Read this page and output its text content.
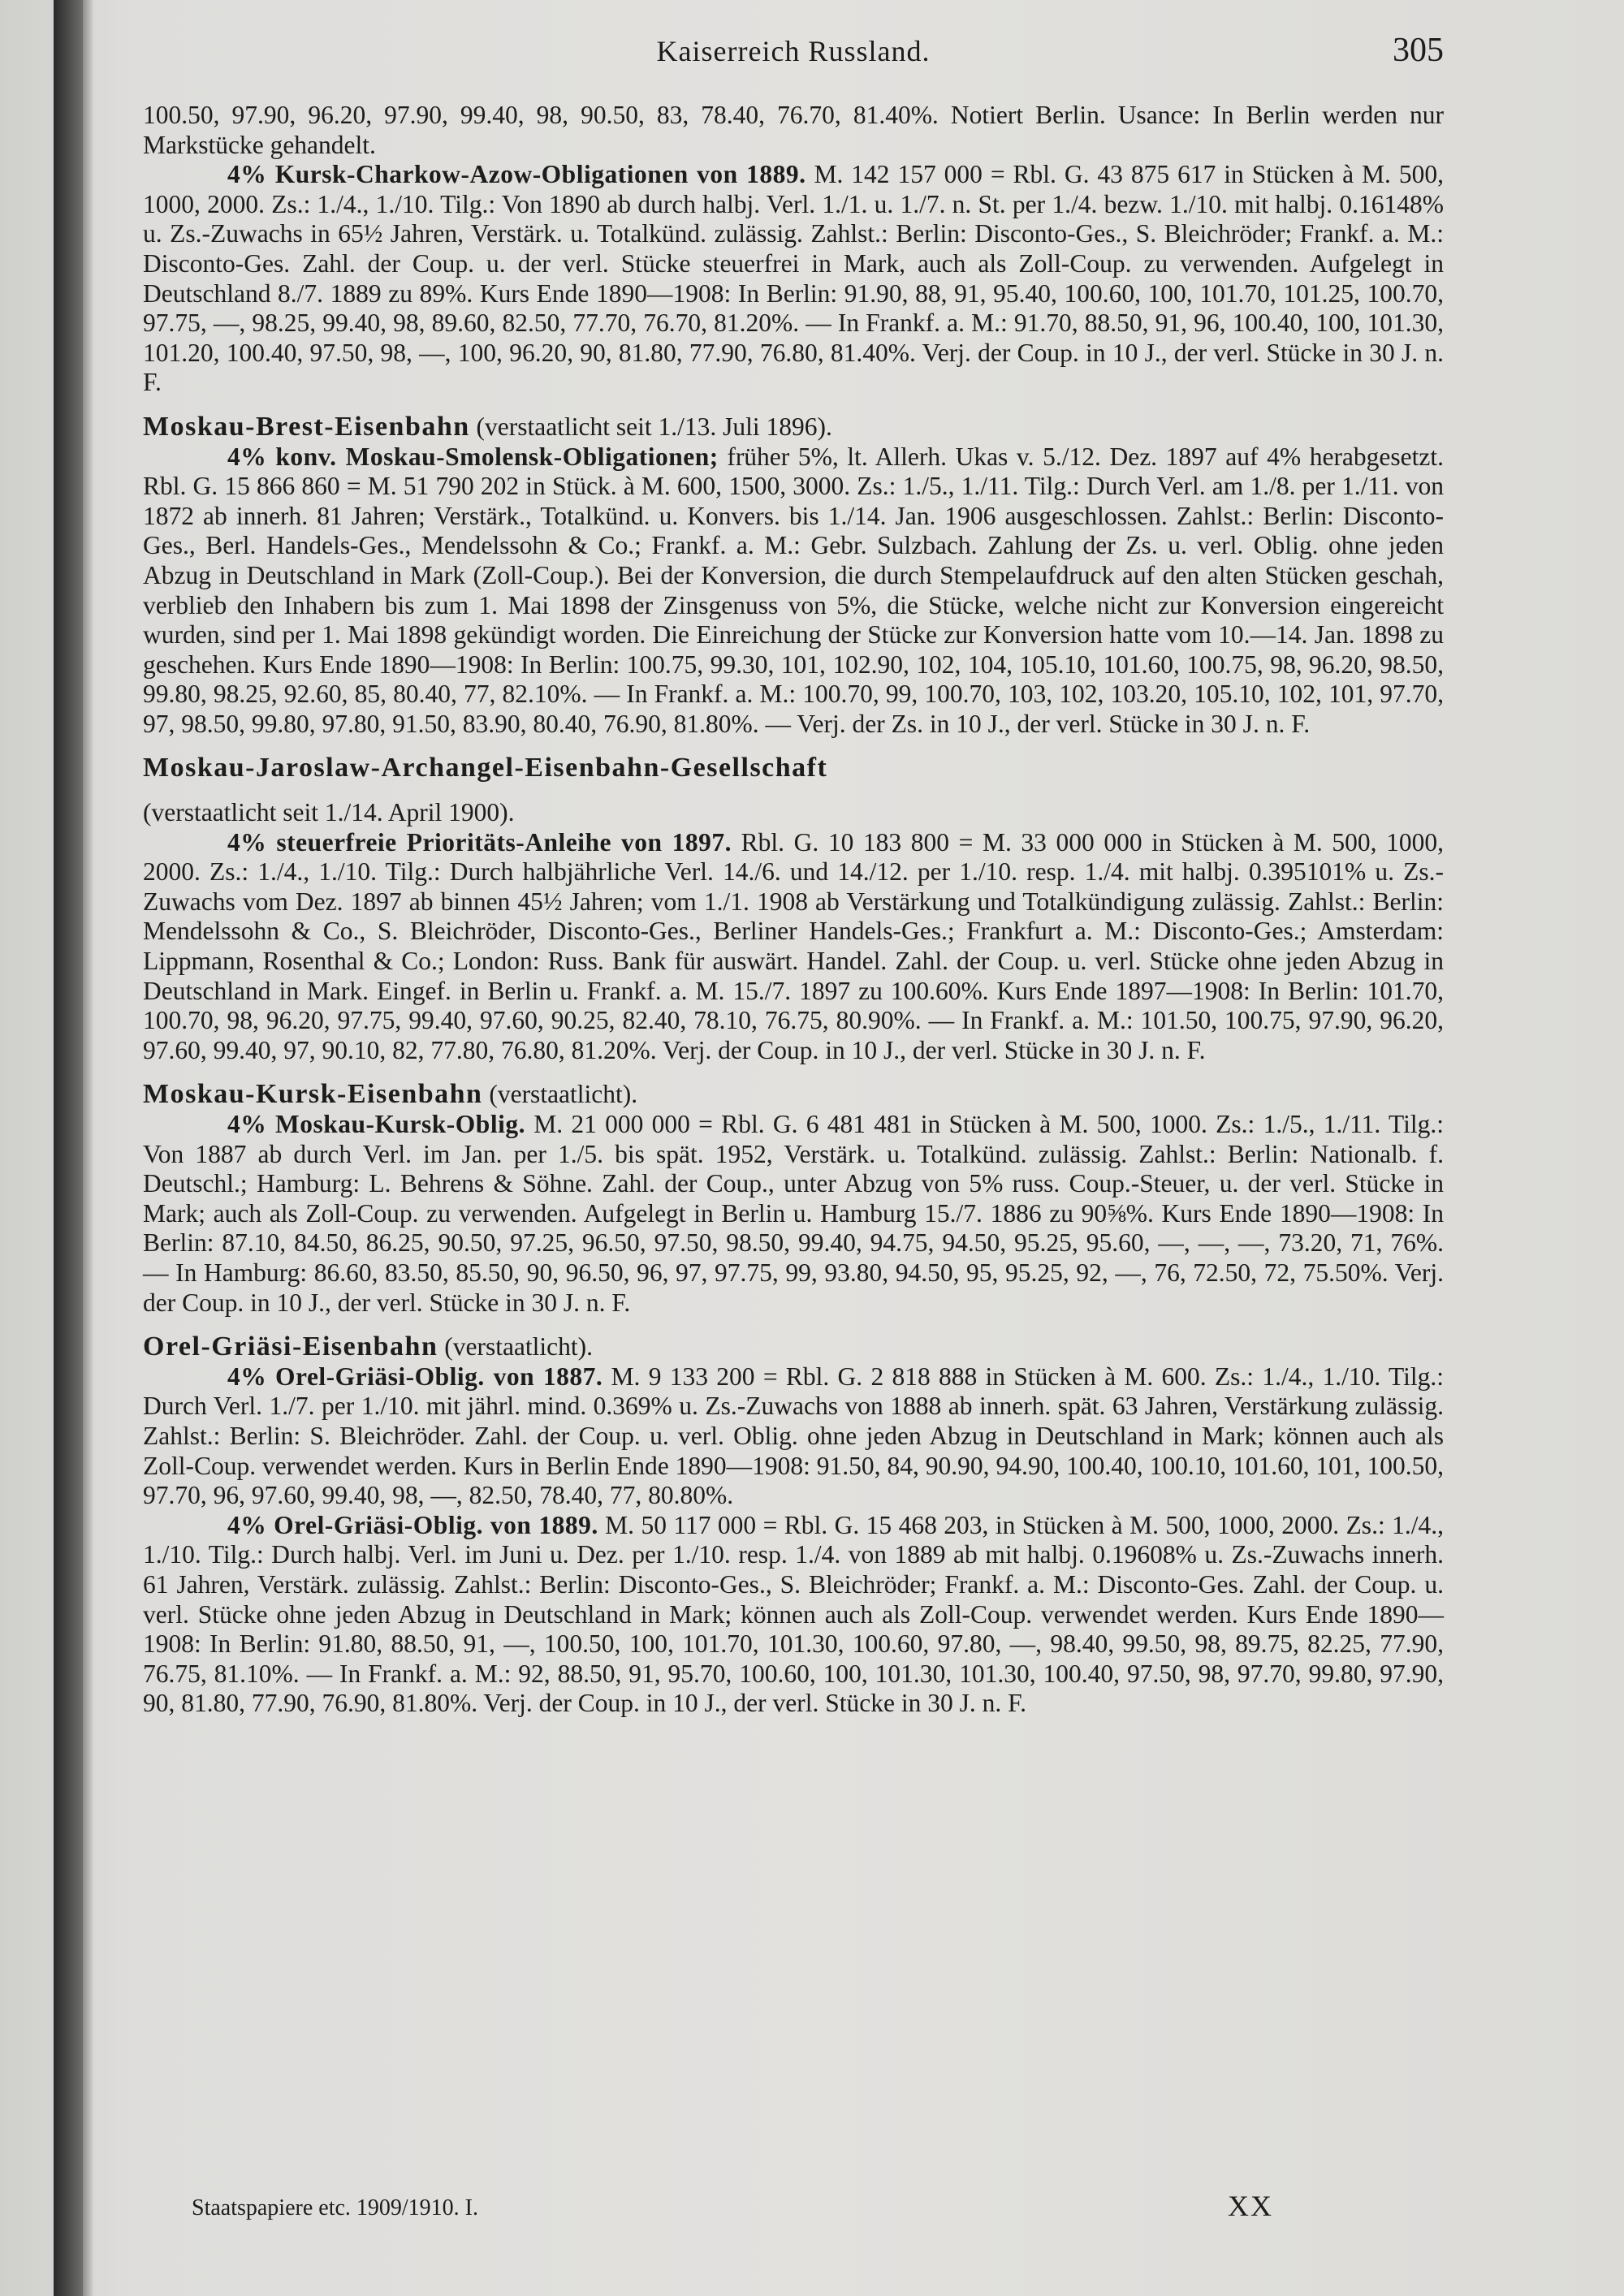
Kaiserreich Russland.	305

100.50, 97.90, 96.20, 97.90, 99.40, 98, 90.50, 83, 78.40, 76.70, 81.40%. Notiert Berlin. Usance: In Berlin werden nur Markstücke gehandelt.

4% Kursk-Charkow-Azow-Obligationen von 1889. M. 142 157 000 = Rbl. G. 43 875 617 in Stücken à M. 500, 1000, 2000. Zs.: 1./4., 1./10. Tilg.: Von 1890 ab durch halbj. Verl. 1./1. u. 1./7. n. St. per 1./4. bezw. 1./10. mit halbj. 0.16148% u. Zs.-Zuwachs in 65½ Jahren, Verstärk. u. Totalkünd. zulässig. Zahlst.: Berlin: Disconto-Ges., S. Bleichröder; Frankf. a. M.: Disconto-Ges. Zahl. der Coup. u. der verl. Stücke steuerfrei in Mark, auch als Zoll-Coup. zu verwenden. Aufgelegt in Deutschland 8./7. 1889 zu 89%. Kurs Ende 1890—1908: In Berlin: 91.90, 88, 91, 95.40, 100.60, 100, 101.70, 101.25, 100.70, 97.75, —, 98.25, 99.40, 98, 89.60, 82.50, 77.70, 76.70, 81.20%. — In Frankf. a. M.: 91.70, 88.50, 91, 96, 100.40, 100, 101.30, 101.20, 100.40, 97.50, 98, —, 100, 96.20, 90, 81.80, 77.90, 76.80, 81.40%. Verj. der Coup. in 10 J., der verl. Stücke in 30 J. n. F.

Moskau-Brest-Eisenbahn (verstaatlicht seit 1./13. Juli 1896).

4% konv. Moskau-Smolensk-Obligationen; früher 5%, lt. Allerh. Ukas v. 5./12. Dez. 1897 auf 4% herabgesetzt. Rbl. G. 15 866 860 = M. 51 790 202 in Stück. à M. 600, 1500, 3000. Zs.: 1./5., 1./11. Tilg.: Durch Verl. am 1./8. per 1./11. von 1872 ab innerh. 81 Jahren; Verstärk., Totalkünd. u. Konvers. bis 1./14. Jan. 1906 ausgeschlossen. Zahlst.: Berlin: Disconto-Ges., Berl. Handels-Ges., Mendelssohn & Co.; Frankf. a. M.: Gebr. Sulzbach. Zahlung der Zs. u. verl. Oblig. ohne jeden Abzug in Deutschland in Mark (Zoll-Coup.). Bei der Konversion, die durch Stempelaufdruck auf den alten Stücken geschah, verblieb den Inhabern bis zum 1. Mai 1898 der Zinsgenuss von 5%, die Stücke, welche nicht zur Konversion eingereicht wurden, sind per 1. Mai 1898 gekündigt worden. Die Einreichung der Stücke zur Konversion hatte vom 10.—14. Jan. 1898 zu geschehen. Kurs Ende 1890—1908: In Berlin: 100.75, 99.30, 101, 102.90, 102, 104, 105.10, 101.60, 100.75, 98, 96.20, 98.50, 99.80, 98.25, 92.60, 85, 80.40, 77, 82.10%. — In Frankf. a. M.: 100.70, 99, 100.70, 103, 102, 103.20, 105.10, 102, 101, 97.70, 97, 98.50, 99.80, 97.80, 91.50, 83.90, 80.40, 76.90, 81.80%. — Verj. der Zs. in 10 J., der verl. Stücke in 30 J. n. F.

Moskau-Jaroslaw-Archangel-Eisenbahn-Gesellschaft

(verstaatlicht seit 1./14. April 1900).

4% steuerfreie Prioritäts-Anleihe von 1897. Rbl. G. 10 183 800 = M. 33 000 000 in Stücken à M. 500, 1000, 2000. Zs.: 1./4., 1./10. Tilg.: Durch halbjährliche Verl. 14./6. und 14./12. per 1./10. resp. 1./4. mit halbj. 0.395101% u. Zs.-Zuwachs vom Dez. 1897 ab binnen 45½ Jahren; vom 1./1. 1908 ab Verstärkung und Totalkündigung zulässig. Zahlst.: Berlin: Mendelssohn & Co., S. Bleichröder, Disconto-Ges., Berliner Handels-Ges.; Frankfurt a. M.: Disconto-Ges.; Amsterdam: Lippmann, Rosenthal & Co.; London: Russ. Bank für auswärt. Handel. Zahl. der Coup. u. verl. Stücke ohne jeden Abzug in Deutschland in Mark. Eingef. in Berlin u. Frankf. a. M. 15./7. 1897 zu 100.60%. Kurs Ende 1897—1908: In Berlin: 101.70, 100.70, 98, 96.20, 97.75, 99.40, 97.60, 90.25, 82.40, 78.10, 76.75, 80.90%. — In Frankf. a. M.: 101.50, 100.75, 97.90, 96.20, 97.60, 99.40, 97, 90.10, 82, 77.80, 76.80, 81.20%. Verj. der Coup. in 10 J., der verl. Stücke in 30 J. n. F.

Moskau-Kursk-Eisenbahn (verstaatlicht).

4% Moskau-Kursk-Oblig. M. 21 000 000 = Rbl. G. 6 481 481 in Stücken à M. 500, 1000. Zs.: 1./5., 1./11. Tilg.: Von 1887 ab durch Verl. im Jan. per 1./5. bis spät. 1952, Verstärk. u. Totalkünd. zulässig. Zahlst.: Berlin: Nationalb. f. Deutschl.; Hamburg: L. Behrens & Söhne. Zahl. der Coup., unter Abzug von 5% russ. Coup.-Steuer, u. der verl. Stücke in Mark; auch als Zoll-Coup. zu verwenden. Aufgelegt in Berlin u. Hamburg 15./7. 1886 zu 90⅝%. Kurs Ende 1890—1908: In Berlin: 87.10, 84.50, 86.25, 90.50, 97.25, 96.50, 97.50, 98.50, 99.40, 94.75, 94.50, 95.25, 95.60, —, —, —, 73.20, 71, 76%. — In Hamburg: 86.60, 83.50, 85.50, 90, 96.50, 96, 97, 97.75, 99, 93.80, 94.50, 95, 95.25, 92, —, 76, 72.50, 72, 75.50%. Verj. der Coup. in 10 J., der verl. Stücke in 30 J. n. F.

Orel-Griäsi-Eisenbahn (verstaatlicht).

4% Orel-Griäsi-Oblig. von 1887. M. 9 133 200 = Rbl. G. 2 818 888 in Stücken à M. 600. Zs.: 1./4., 1./10. Tilg.: Durch Verl. 1./7. per 1./10. mit jährl. mind. 0.369% u. Zs.-Zuwachs von 1888 ab innerh. spät. 63 Jahren, Verstärkung zulässig. Zahlst.: Berlin: S. Bleichröder. Zahl. der Coup. u. verl. Oblig. ohne jeden Abzug in Deutschland in Mark; können auch als Zoll-Coup. verwendet werden. Kurs in Berlin Ende 1890—1908: 91.50, 84, 90.90, 94.90, 100.40, 100.10, 101.60, 101, 100.50, 97.70, 96, 97.60, 99.40, 98, —, 82.50, 78.40, 77, 80.80%.

4% Orel-Griäsi-Oblig. von 1889. M. 50 117 000 = Rbl. G. 15 468 203, in Stücken à M. 500, 1000, 2000. Zs.: 1./4., 1./10. Tilg.: Durch halbj. Verl. im Juni u. Dez. per 1./10. resp. 1./4. von 1889 ab mit halbj. 0.19608% u. Zs.-Zuwachs innerh. 61 Jahren, Verstärk. zulässig. Zahlst.: Berlin: Disconto-Ges., S. Bleichröder; Frankf. a. M.: Disconto-Ges. Zahl. der Coup. u. verl. Stücke ohne jeden Abzug in Deutschland in Mark; können auch als Zoll-Coup. verwendet werden. Kurs Ende 1890—1908: In Berlin: 91.80, 88.50, 91, —, 100.50, 100, 101.70, 101.30, 100.60, 97.80, —, 98.40, 99.50, 98, 89.75, 82.25, 77.90, 76.75, 81.10%. — In Frankf. a. M.: 92, 88.50, 91, 95.70, 100.60, 100, 101.30, 101.30, 100.40, 97.50, 98, 97.70, 99.80, 97.90, 90, 81.80, 77.90, 76.90, 81.80%. Verj. der Coup. in 10 J., der verl. Stücke in 30 J. n. F.

Staatspapiere etc. 1909/1910. I.	XX
